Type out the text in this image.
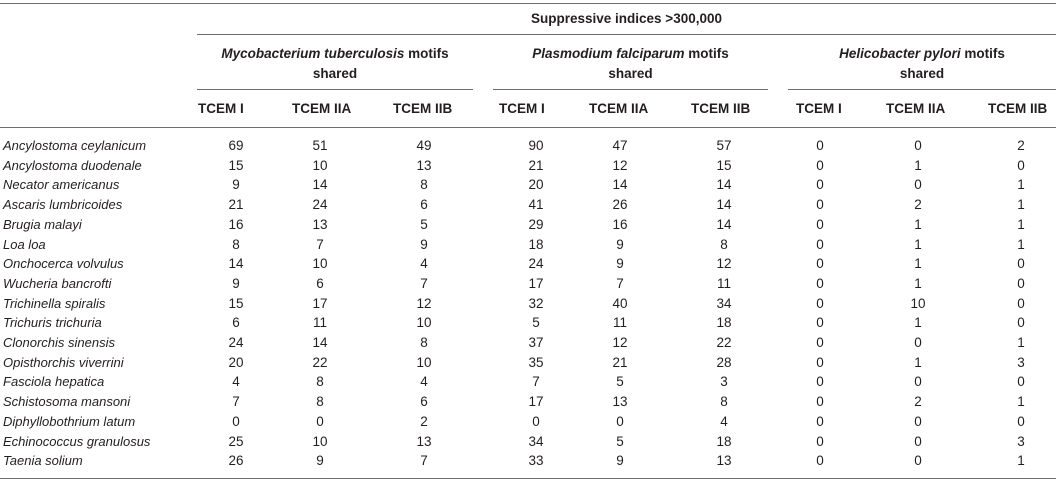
Suppressive indices >300,000
Mycobacterium tuberculosis motifs
shared
Plasmodium falciparum motifs
shared
Helicobacter pylori motifs
shared
TCEM I	TCEM IIA	TCEM IIB	TCEM I	TCEM IIA	TCEM IIB	TCEM I	TCEM IIA	TCEM IIB
Ancylostoma ceylanicum	69	51	49	90	47	57	0	0	2
Ancylostoma duodenale	15	10	13	21	12	15	0	1	0
Necator americanus	9	14	8	20	14	14	0	0	1
Ascaris lumbricoides	21	24	6	41	26	14	0	2	1
Brugia malayi	16	13	5	29	16	14	0	1	1
Loa loa	8	7	9	18	9	8	0	1	1
Onchocerca volvulus	14	10	4	24	9	12	0	1	0
Wucheria bancrofti	9	6	7	17	7	11	0	1	0
Trichinella spiralis	15	17	12	32	40	34	0	10	0
Trichuris trichuria	6	11	10	5	11	18	0	1	0
Clonorchis sinensis	24	14	8	37	12	22	0	0	1
Opisthorchis viverrini	20	22	10	35	21	28	0	1	3
Fasciola hepatica	4	8	4	7	5	3	0	0	0
Schistosoma mansoni	7	8	6	17	13	8	0	2	1
Diphyllobothrium latum	0	0	2	0	0	4	0	0	0
Echinococcus granulosus	25	10	13	34	5	18	0	0	3
Taenia solium	26	9	7	33	9	13	0	0	1
